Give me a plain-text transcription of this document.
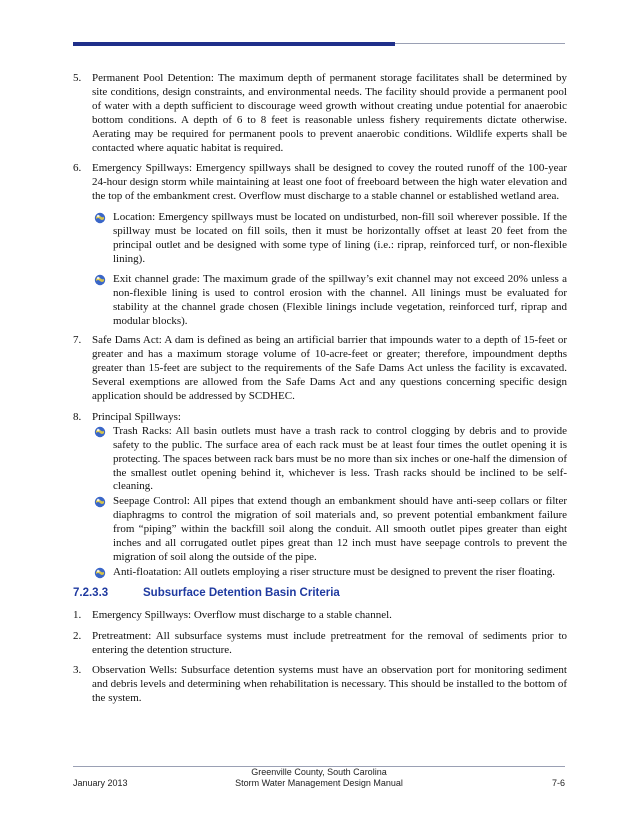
5. Permanent Pool Detention: The maximum depth of permanent storage facilitates shall be determined by site conditions, design constraints, and environmental needs. The facility should provide a permanent pool of water with a depth sufficient to discourage weed growth without creating undue potential for anaerobic bottom conditions. A depth of 6 to 8 feet is reasonable unless fishery requirements dictate otherwise. Aerating may be required for permanent pools to prevent anaerobic conditions. Wildlife experts shall be contacted where aquatic habitat is required.
6. Emergency Spillways: Emergency spillways shall be designed to covey the routed runoff of the 100-year 24-hour design storm while maintaining at least one foot of freeboard between the high water elevation and the top of the embankment crest. Overflow must discharge to a stable channel or established wetland area.
Location: Emergency spillways must be located on undisturbed, non-fill soil wherever possible. If the spillway must be located on fill soils, then it must be horizontally offset at least 20 feet from the principal outlet and be designed with some type of lining (i.e.: riprap, reinforced turf, or non-flexible lining).
Exit channel grade: The maximum grade of the spillway’s exit channel may not exceed 20% unless a non-flexible lining is used to control erosion with the channel. All linings must be evaluated for stability at the channel grade chosen (Flexible linings include vegetation, reinforced turf, riprap and modular blocks).
7. Safe Dams Act: A dam is defined as being an artificial barrier that impounds water to a depth of 15-feet or greater and has a maximum storage volume of 10-acre-feet or greater; therefore, impoundment depths greater than 15-feet are subject to the requirements of the Safe Dams Act unless the facility is excavated. Several exemptions are allowed from the Safe Dams Act and any questions concerning specific design application should be addressed by SCDHEC.
8. Principal Spillways:
Trash Racks: All basin outlets must have a trash rack to control clogging by debris and to provide safety to the public. The surface area of each rack must be at least four times the outlet opening it is protecting. The spaces between rack bars must be no more than six inches or one-half the dimension of the smallest outlet opening behind it, whichever is less. Trash racks should be inclined to be self-cleaning.
Seepage Control: All pipes that extend though an embankment should have anti-seep collars or filter diaphragms to control the migration of soil materials and, so prevent potential embankment failure from “piping” within the backfill soil along the conduit. All smooth outlet pipes greater than eight inches and all corrugated outlet pipes great than 12 inch must have seepage controls to prevent the migration of soil along the outside of the pipe.
Anti-floatation: All outlets employing a riser structure must be designed to prevent the riser floating.
7.2.3.3	Subsurface Detention Basin Criteria
1. Emergency Spillways: Overflow must discharge to a stable channel.
2. Pretreatment: All subsurface systems must include pretreatment for the removal of sediments prior to entering the detention structure.
3. Observation Wells: Subsurface detention systems must have an observation port for monitoring sediment and debris levels and determining when rehabilitation is necessary. This should be installed to the bottom of the system.
Greenville County, South Carolina
Storm Water Management Design Manual
January 2013	7-6
